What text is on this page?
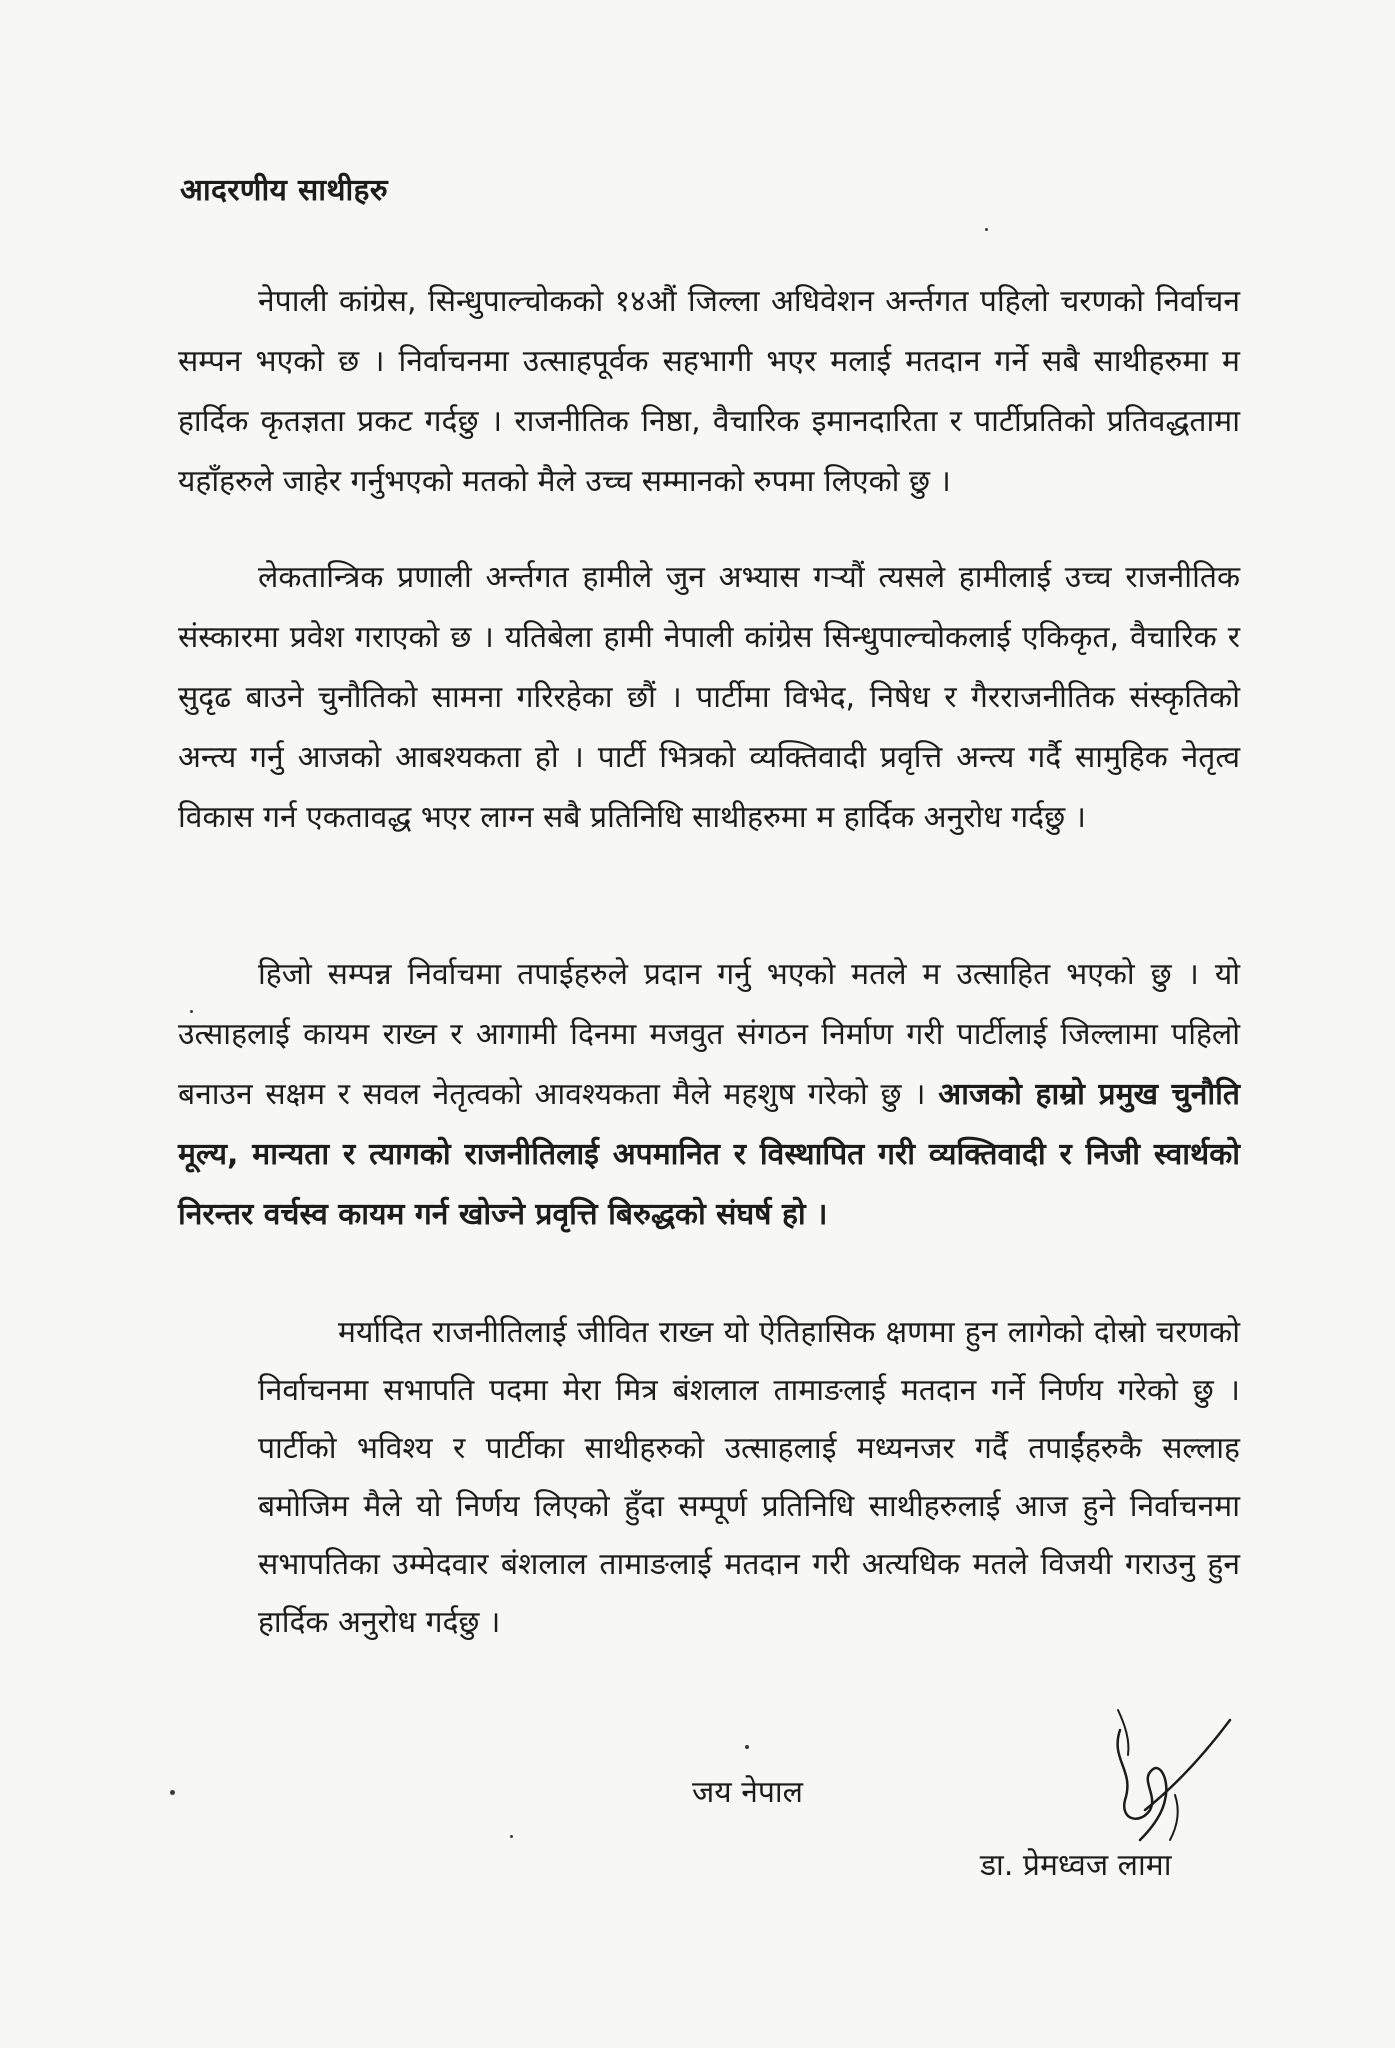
आदरणीय साथीहरु

नेपाली कांग्रेस, सिन्धुपाल्चोकको १४औं जिल्ला अधिवेशन अर्न्तगत पहिलो चरणको निर्वाचन सम्पन भएको छ । निर्वाचनमा उत्साहपूर्वक सहभागी भएर मलाई मतदान गर्ने सबै साथीहरुमा म हार्दिक कृतज्ञता प्रकट गर्दछु । राजनीतिक निष्ठा, वैचारिक इमानदारिता र पार्टीप्रतिको प्रतिवद्धतामा यहाँहरुले जाहेर गर्नुभएको मतको मैले उच्च सम्मानको रुपमा लिएको छु ।

लेकतान्त्रिक प्रणाली अर्न्तगत हामीले जुन अभ्यास गर्‍यौं त्यसले हामीलाई उच्च राजनीतिक संस्कारमा प्रवेश गराएको छ । यतिबेला हामी नेपाली कांग्रेस सिन्धुपाल्चोकलाई एकिकृत, वैचारिक र सुदृढ बाउने चुनौतिको सामना गरिरहेका छौं । पार्टीमा विभेद, निषेध र गैरराजनीतिक संस्कृतिको अन्त्य गर्नु आजको आबश्यकता हो । पार्टी भित्रको व्यक्तिवादी प्रवृत्ति अन्त्य गर्दै सामुहिक नेतृत्व विकास गर्न एकतावद्ध भएर लाग्न सबै प्रतिनिधि साथीहरुमा म हार्दिक अनुरोध गर्दछु ।

हिजो सम्पन्न निर्वाचमा तपाईहरुले प्रदान गर्नु भएको मतले म उत्साहित भएको छु । यो उत्साहलाई कायम राख्न र आगामी दिनमा मजवुत संगठन निर्माण गरी पार्टीलाई जिल्लामा पहिलो बनाउन सक्षम र सवल नेतृत्वको आवश्यकता मैले महशुष गरेको छु । आजको हाम्रो प्रमुख चुनौति मूल्य, मान्यता र त्यागको राजनीतिलाई अपमानित र विस्थापित गरी व्यक्तिवादी र निजी स्वार्थको निरन्तर वर्चस्व कायम गर्न खोज्ने प्रवृत्ति बिरुद्धको संघर्ष हो ।

मर्यादित राजनीतिलाई जीवित राख्न यो ऐतिहासिक क्षणमा हुन लागेको दोस्रो चरणको निर्वाचनमा सभापति पदमा मेरा मित्र बंशलाल तामाङलाई मतदान गर्ने निर्णय गरेको छु । पार्टीको भविश्य र पार्टीका साथीहरुको उत्साहलाई मध्यनजर गर्दै तपाईंहरुकै सल्लाह बमोजिम मैले यो निर्णय लिएको हुँदा सम्पूर्ण प्रतिनिधि साथीहरुलाई आज हुने निर्वाचनमा सभापतिका उम्मेदवार बंशलाल तामाङलाई मतदान गरी अत्यधिक मतले विजयी गराउनु हुन हार्दिक अनुरोध गर्दछु ।

जय नेपाल
डा. प्रेमध्वज लामा
